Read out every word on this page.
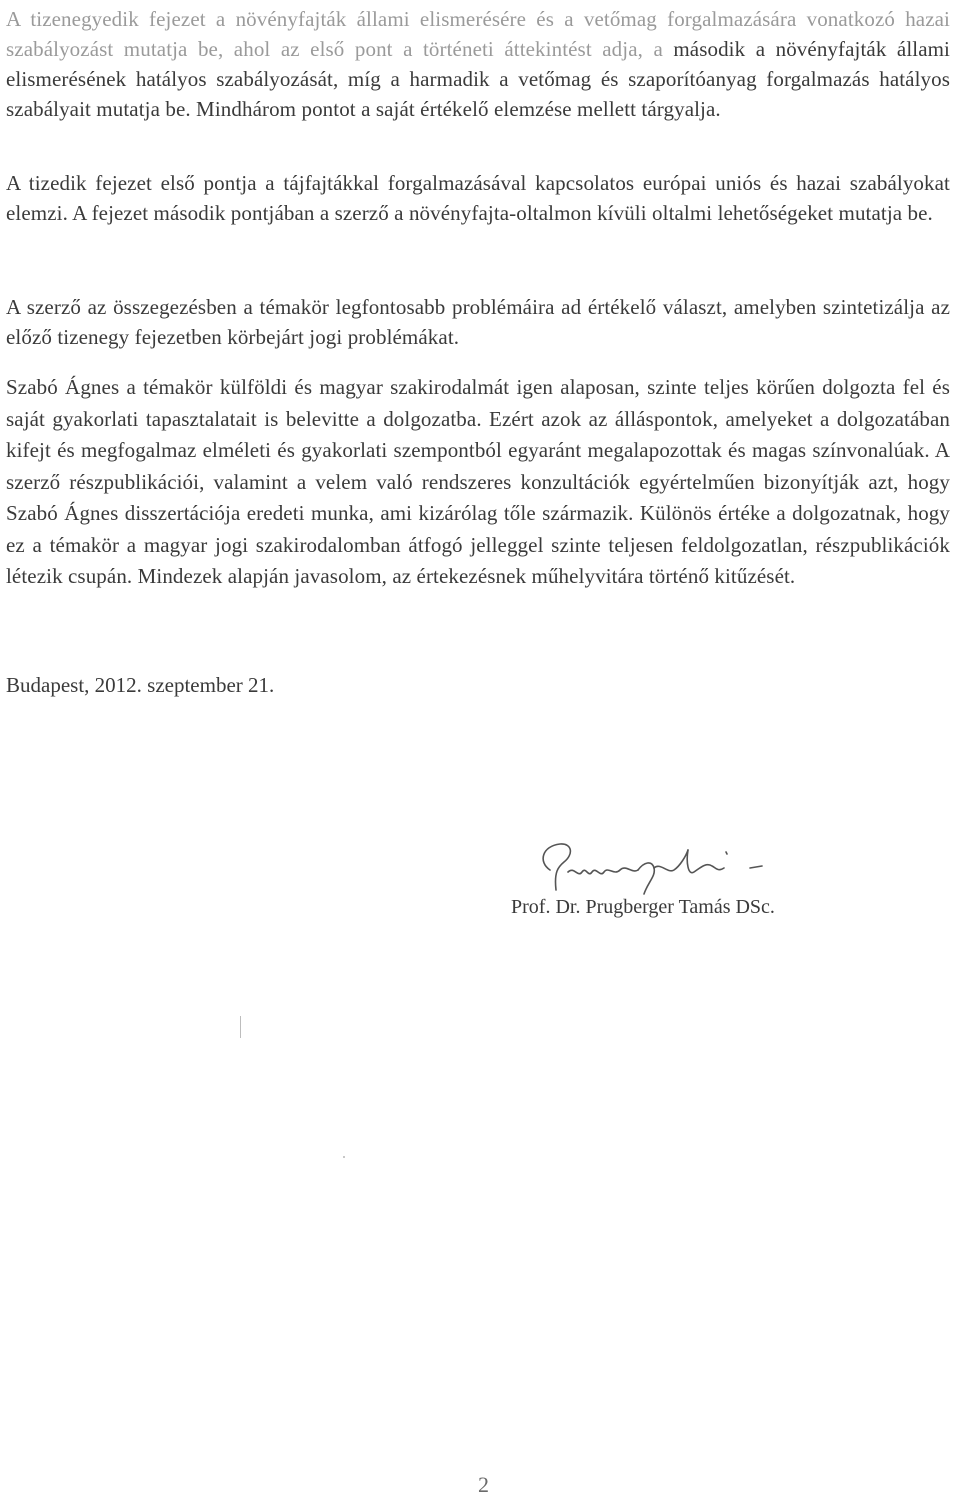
A tizenegyedik fejezet a növényfajták állami elismerésére és a vetőmag forgalmazására vonatkozó hazai szabályozást mutatja be, ahol az első pont a történeti áttekintést adja, a második a növényfajták állami elismerésének hatályos szabályozását, míg a harmadik a vetőmag és szaporítóanyag forgalmazás hatályos szabályait mutatja be. Mindhárom pontot a saját értékelő elemzése mellett tárgyalja.

A tizedik fejezet első pontja a tájfajtákkal forgalmazásával kapcsolatos európai uniós és hazai szabályokat elemzi. A fejezet második pontjában a szerző a növényfajta-oltalmon kívüli oltalmi lehetőségeket mutatja be.

A szerző az összegezésben a témakör legfontosabb problémáira ad értékelő választ, amelyben szintetizálja az előző tizenegy fejezetben körbejárt jogi problémákat.

Szabó Ágnes a témakör külföldi és magyar szakirodalmát igen alaposan, szinte teljes körűen dolgozta fel és saját gyakorlati tapasztalatait is belevitte a dolgozatba. Ezért azok az álláspontok, amelyeket a dolgozatában kifejt és megfogalmaz elméleti és gyakorlati szempontból egyaránt megalapozottak és magas színvonalúak. A szerző részpublikációi, valamint a velem való rendszeres konzultációk egyértelműen bizonyítják azt, hogy Szabó Ágnes disszertációja eredeti munka, ami kizárólag tőle származik. Különös értéke a dolgozatnak, hogy ez a témakör a magyar jogi szakirodalomban átfogó jelleggel szinte teljesen feldolgozatlan, részpublikációk létezik csupán. Mindezek alapján javasolom, az értekezésnek műhelyvitára történő kitűzését.

Budapest, 2012. szeptember 21.
Prof. Dr. Prugberger Tamás DSc.
2
